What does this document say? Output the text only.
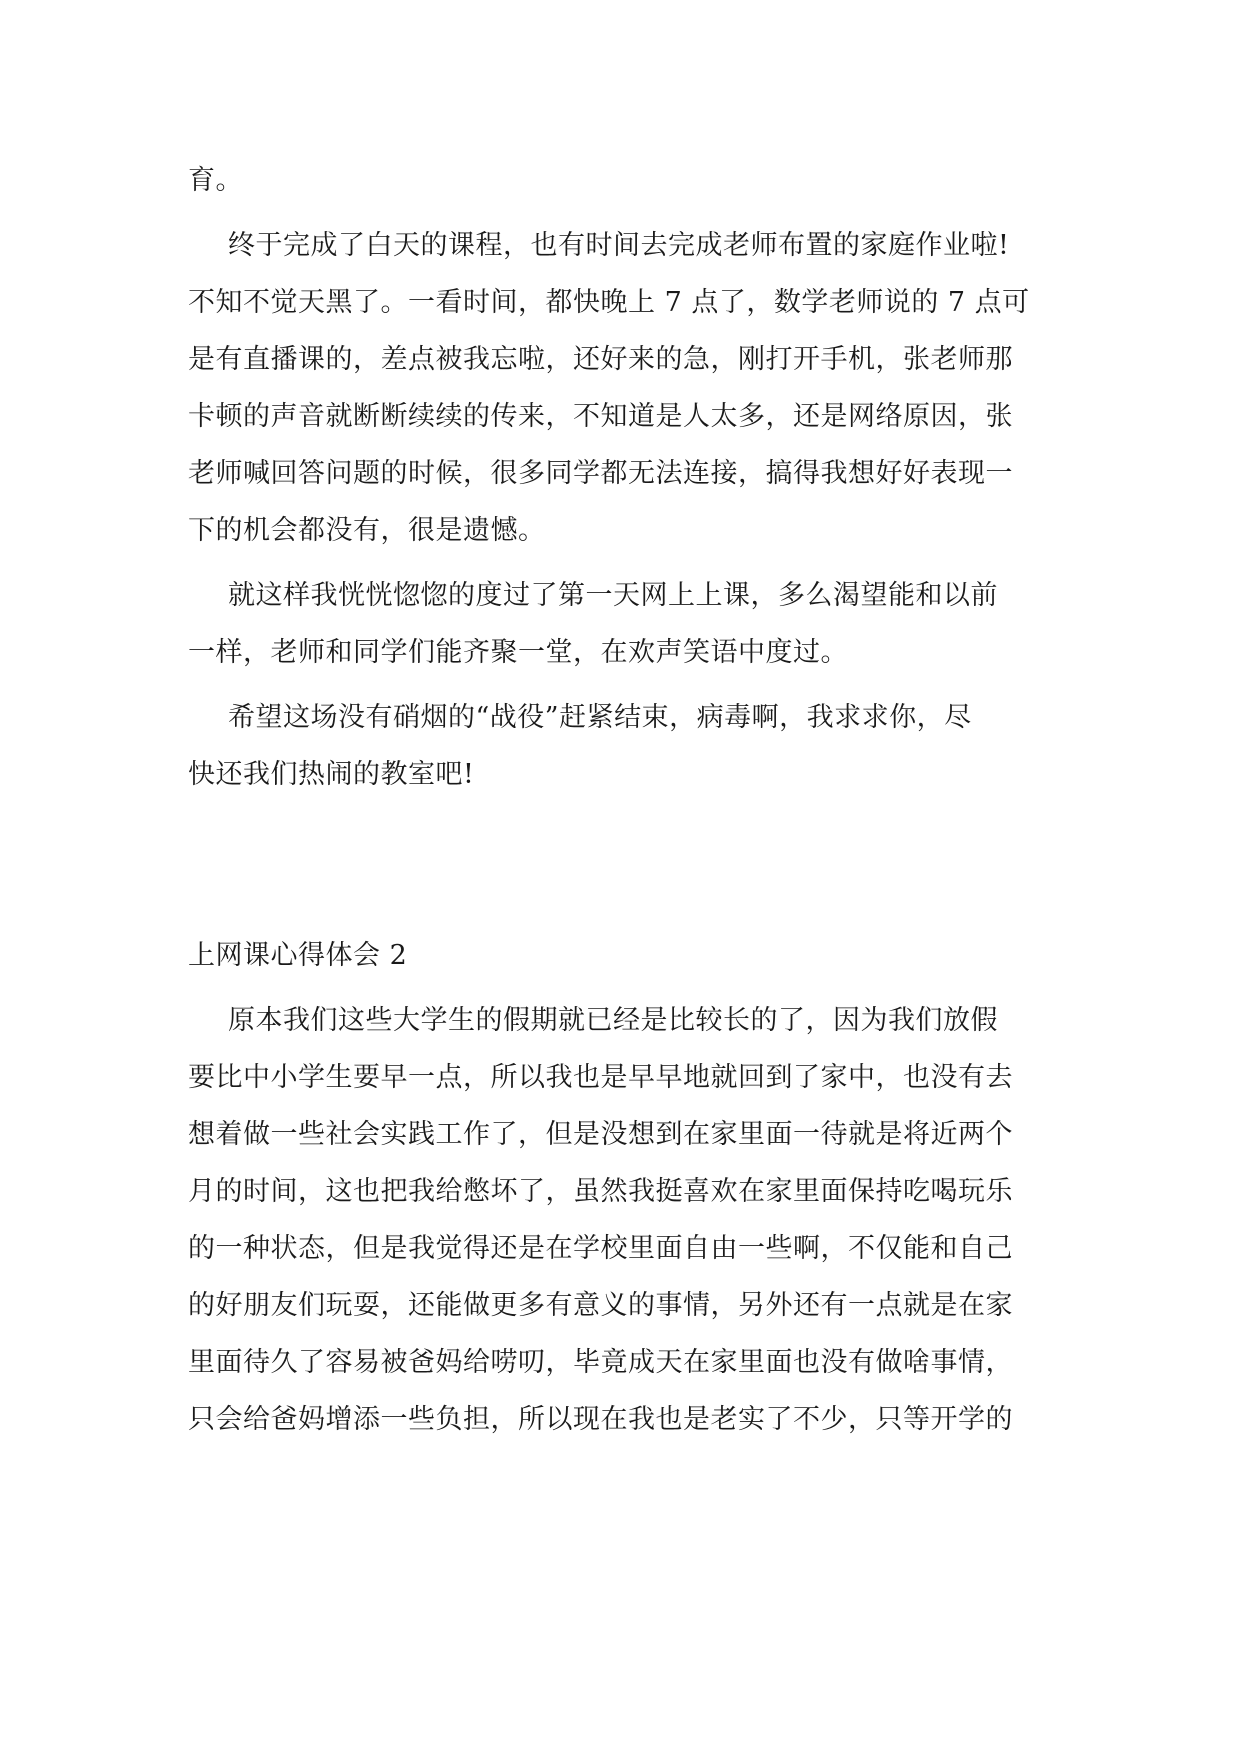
育。
终于完成了白天的课程，也有时间去完成老师布置的家庭作业啦!
不知不觉天黑了。一看时间，都快晚上 7 点了，数学老师说的 7 点可
是有直播课的，差点被我忘啦，还好来的急，刚打开手机，张老师那
卡顿的声音就断断续续的传来，不知道是人太多，还是网络原因，张
老师喊回答问题的时候，很多同学都无法连接，搞得我想好好表现一
下的机会都没有，很是遗憾。
就这样我恍恍惚惚的度过了第一天网上上课，多么渴望能和以前
一样，老师和同学们能齐聚一堂，在欢声笑语中度过。
希望这场没有硝烟的“战役”赶紧结束，病毒啊，我求求你，尽
快还我们热闹的教室吧!
上网课心得体会 2
原本我们这些大学生的假期就已经是比较长的了，因为我们放假
要比中小学生要早一点，所以我也是早早地就回到了家中，也没有去
想着做一些社会实践工作了，但是没想到在家里面一待就是将近两个
月的时间，这也把我给憋坏了，虽然我挺喜欢在家里面保持吃喝玩乐
的一种状态，但是我觉得还是在学校里面自由一些啊，不仅能和自己
的好朋友们玩耍，还能做更多有意义的事情，另外还有一点就是在家
里面待久了容易被爸妈给唠叨，毕竟成天在家里面也没有做啥事情，
只会给爸妈增添一些负担，所以现在我也是老实了不少，只等开学的
